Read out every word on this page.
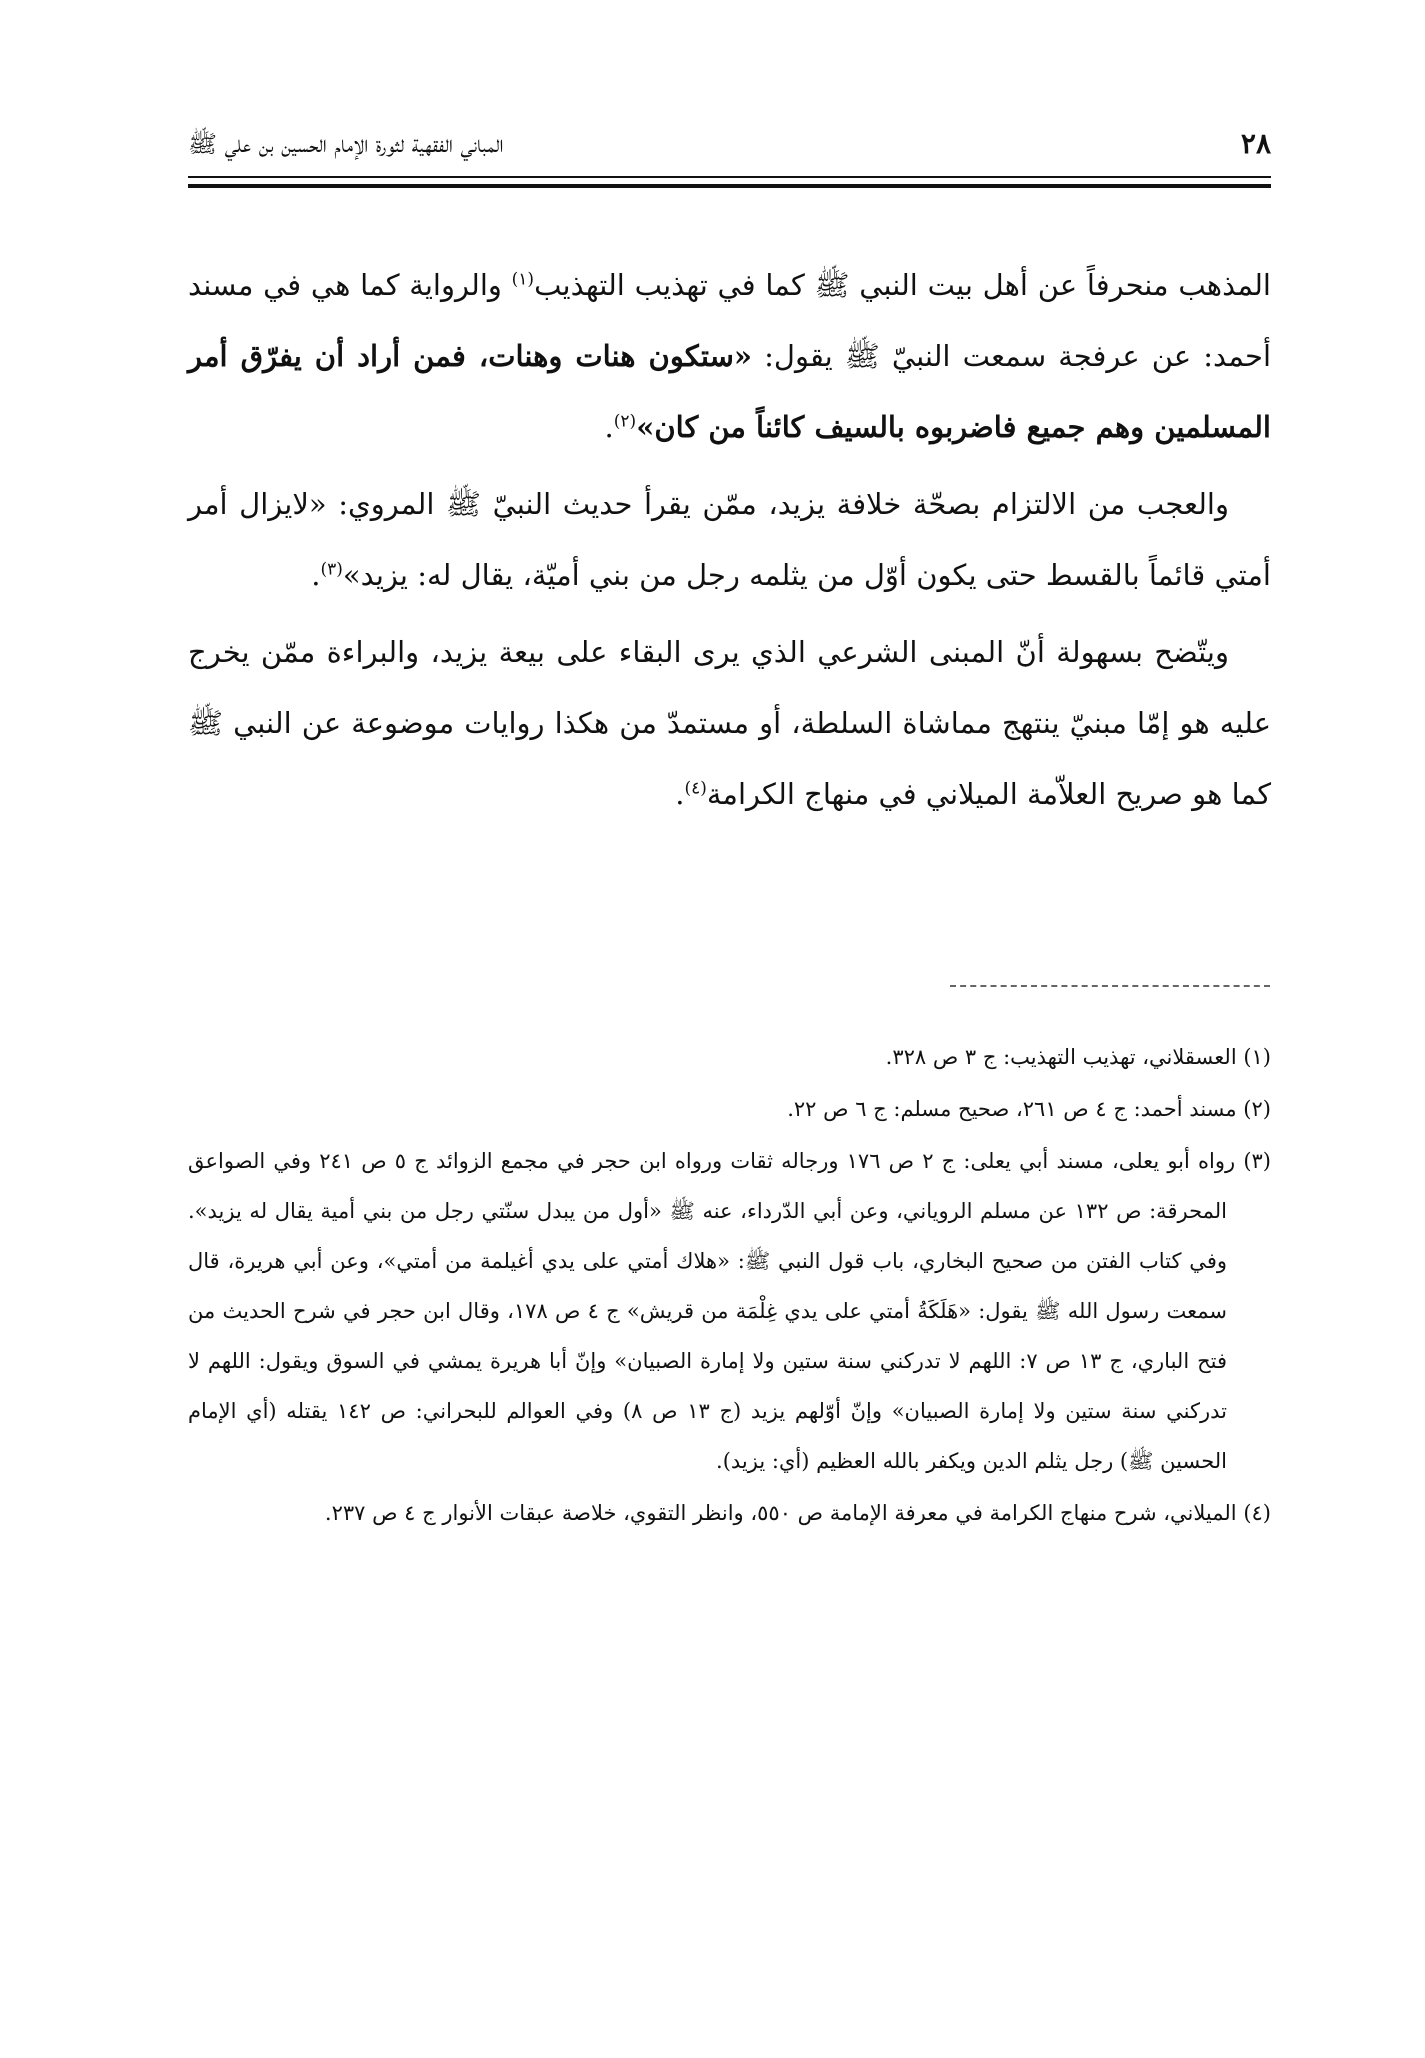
٢٨
المباني الفقهية لثورة الإمام الحسين بن علي ﷺ

المذهب منحرفاً عن أهل بيت النبي ﷺ كما في تهذيب التهذيب$^{(١)}$ والرواية كما هي في مسند أحمد: عن عرفجة سمعت النبيّ ﷺ يقول: «ستكون هنات وهنات، فمن أراد أن يفرّق أمر المسلمين وهم جميع فاضربوه بالسيف كائناً من كان»$^{(٢)}$.

والعجب من الالتزام بصحّة خلافة يزيد، ممّن يقرأ حديث النبيّ ﷺ المروي: «لايزال أمر أمتي قائماً بالقسط حتى يكون أوّل من يثلمه رجل من بني أميّة، يقال له: يزيد»$^{(٣)}$.

ويتّضح بسهولة أنّ المبنى الشرعي الذي يرى البقاء على بيعة يزيد، والبراءة ممّن يخرج عليه هو إمّا مبنيّ ينتهج مماشاة السلطة، أو مستمدّ من هكذا روايات موضوعة عن النبي ﷺ كما هو صريح العلاّمة الميلاني في منهاج الكرامة$^{(٤)}$.

(١) العسقلاني، تهذيب التهذيب: ج ٣ ص ٣٢٨.

(٢) مسند أحمد: ج ٤ ص ٢٦١، صحيح مسلم: ج ٦ ص ٢٢.

(٣) رواه أبو يعلى، مسند أبي يعلى: ج ٢ ص ١٧٦ ورجاله ثقات ورواه ابن حجر في مجمع الزوائد ج ٥ ص ٢٤١ وفي الصواعق المحرقة: ص ١٣٢ عن مسلم الروياني، وعن أبي الدّرداء، عنه ﷺ «أول من يبدل سنّتي رجل من بني أمية يقال له يزيد». وفي كتاب الفتن من صحيح البخاري، باب قول النبي ﷺ: «هلاك أمتي على يدي أغيلمة من أمتي»، وعن أبي هريرة، قال سمعت رسول الله ﷺ يقول: «هَلَكَةُ أمتي على يدي غِلْمَة من قريش» ج ٤ ص ١٧٨، وقال ابن حجر في شرح الحديث من فتح الباري، ج ١٣ ص ٧: اللهم لا تدركني سنة ستين ولا إمارة الصبيان» وإنّ أبا هريرة يمشي في السوق ويقول: اللهم لا تدركني سنة ستين ولا إمارة الصبيان» وإنّ أوّلهم يزيد (ج ١٣ ص ٨) وفي العوالم للبحراني: ص ١٤٢ يقتله (أي الإمام الحسين ﷺ) رجل يثلم الدين ويكفر بالله العظيم (أي: يزيد).

(٤) الميلاني، شرح منهاج الكرامة في معرفة الإمامة ص ٥٥٠، وانظر التقوي، خلاصة عبقات الأنوار ج ٤ ص ٢٣٧.
